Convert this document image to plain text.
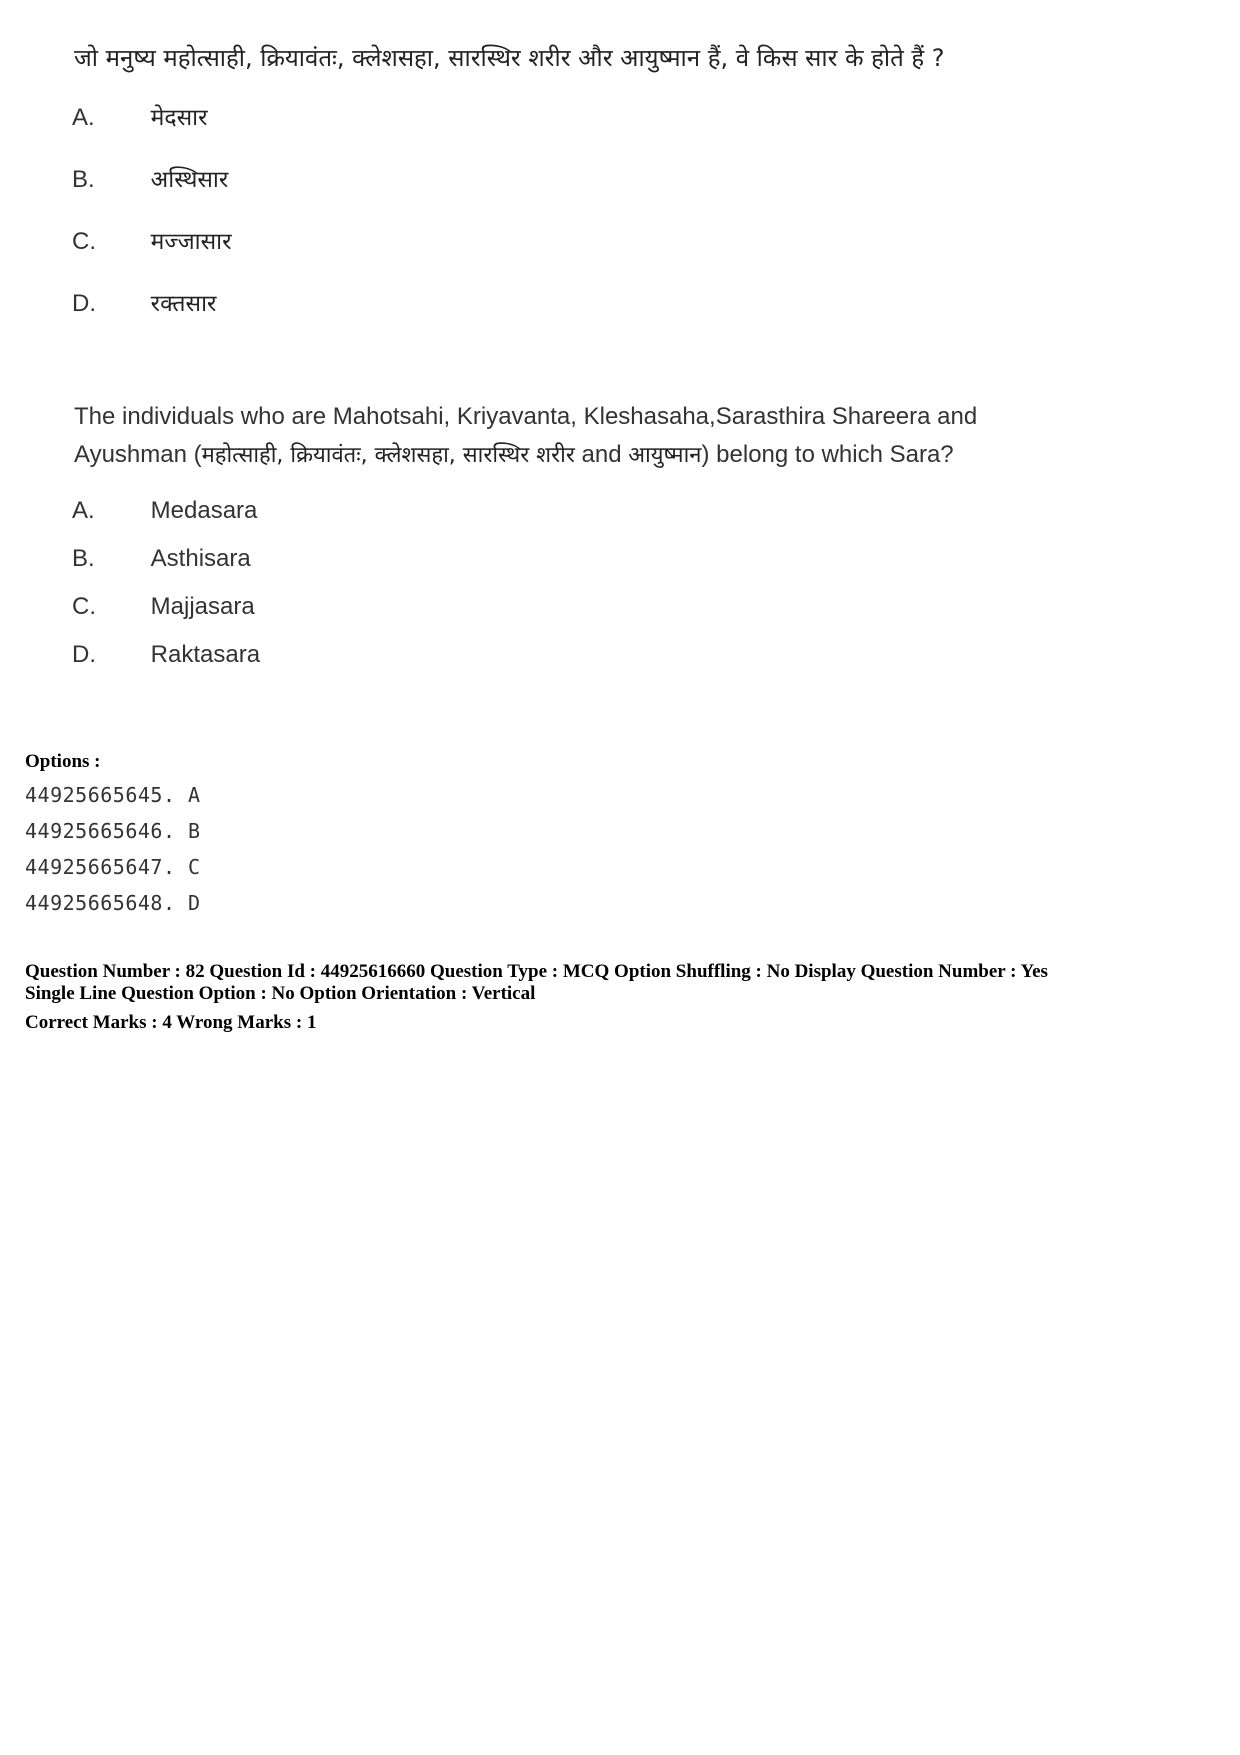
जो मनुष्य महोत्साही, क्रियावंतः, क्लेशसहा, सारस्थिर शरीर और आयुष्मान हैं, वे किस सार के होते हैं ?
A. मेदसार
B. अस्थिसार
C. मज्जासार
D. रक्तसार
The individuals who are Mahotsahi, Kriyavanta, Kleshasaha,Sarasthira Shareera and
Ayushman (महोत्साही, क्रियावंतः, क्लेशसहा, सारस्थिर शरीर and आयुष्मान) belong to which Sara?
A. Medasara
B. Asthisara
C. Majjasara
D. Raktasara
Options :
44925665645. A
44925665646. B
44925665647. C
44925665648. D
Question Number : 82 Question Id : 44925616660 Question Type : MCQ Option Shuffling : No Display Question Number : Yes
Single Line Question Option : No Option Orientation : Vertical
Correct Marks : 4 Wrong Marks : 1
